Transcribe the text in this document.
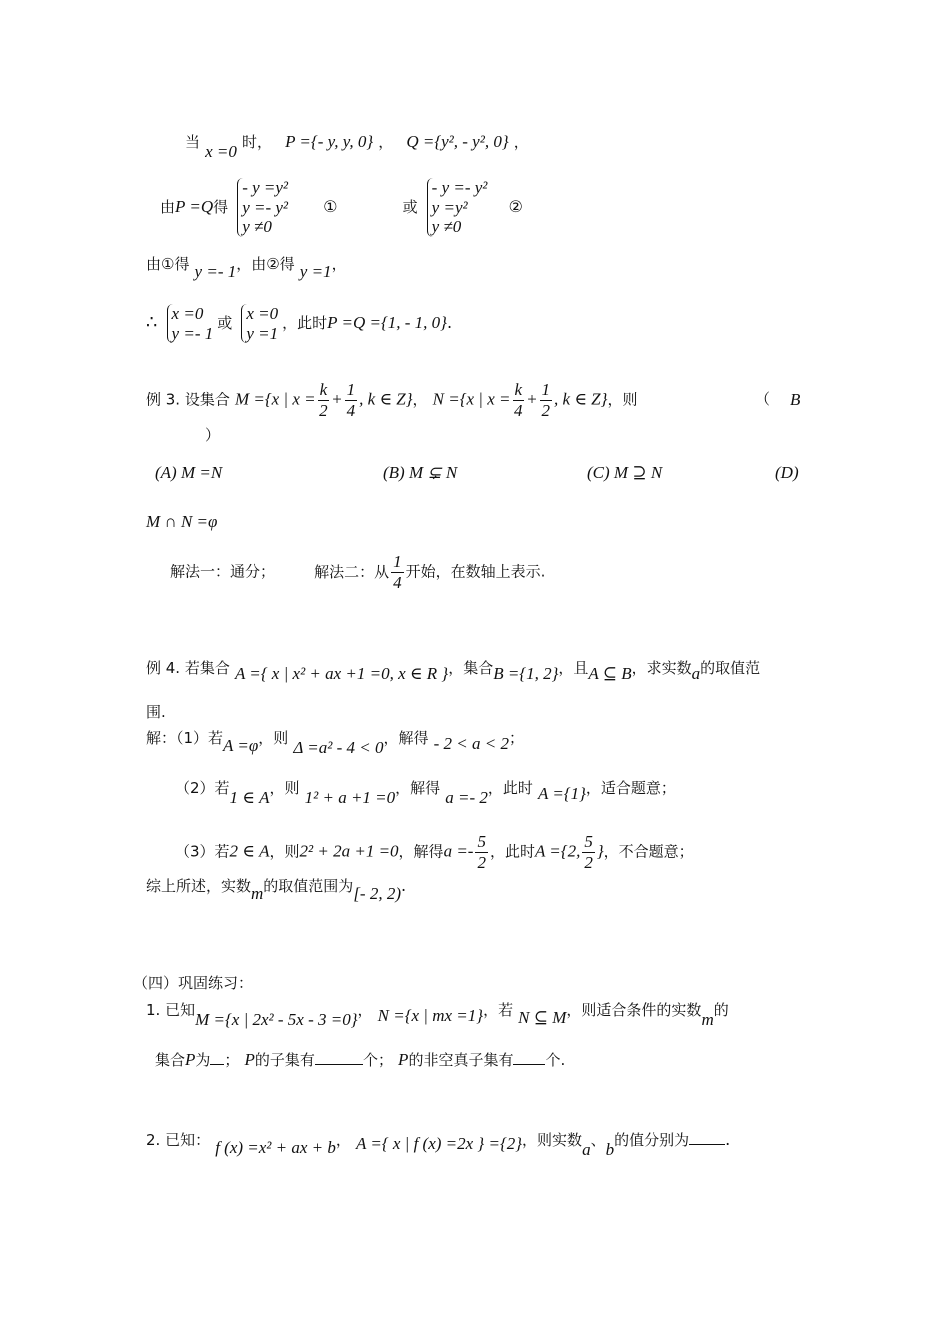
当 x =0 时， P ={- y, y, 0} ， Q ={y², - y², 0} ，
由P =Q得
- y =y²
y =- y²
y ≠0
①	或
- y =- y²
y =y²
y ≠0
②
由①得 y =- 1，由②得 y =1，
∴ x =0
y =- 1
或
x =0
y =1
，此时P =Q ={1, - 1, 0}.
例 3. 设集合 M ={x | $x = \frac{k}{2} + \frac{1}{4}$ , k ∈ Z}， N ={x | $x = \frac{k}{4} + \frac{1}{2}$ , k ∈ Z}，则	（ B
）
(A) M =N	(B) M ⊊ N	(C) M ⊇ N	(D)
M ∩ N =φ
解法一：通分；	解法二：从 $\frac{1}{4}$ 开始，在数轴上表示.
例 4. 若集合 A ={ x | x² + ax +1 =0, x ∈ R }，集合B ={1, 2}，且A ⊆ B，求实数a的取值范
围.
解：（1）若A =φ，则 Δ =a² - 4 < 0，解得 - 2 < a < 2；
（2）若1 ∈ A，则 1² + a +1 =0，解得 a =- 2，此时 A ={1}，适合题意；
（3）若2 ∈ A，则2² + 2a +1 =0，解得$a =- \frac{5}{2}$ ，此时A ={2, $\frac{5}{2}$ }，不合题意；
综上所述，实数m的取值范围为[- 2, 2).
（四）巩固练习：
1. 已知M ={x | 2x² - 5x - 3 =0}， N ={x | mx =1}，若 N ⊆ M，则适合条件的实数m的
集合P为 ； P的子集有	个； P的非空真子集有 个.
2. 已知： f (x) =x² + ax + b， A ={ x | f (x) =2x } ={2}，则实数a、b的值分别为 .
